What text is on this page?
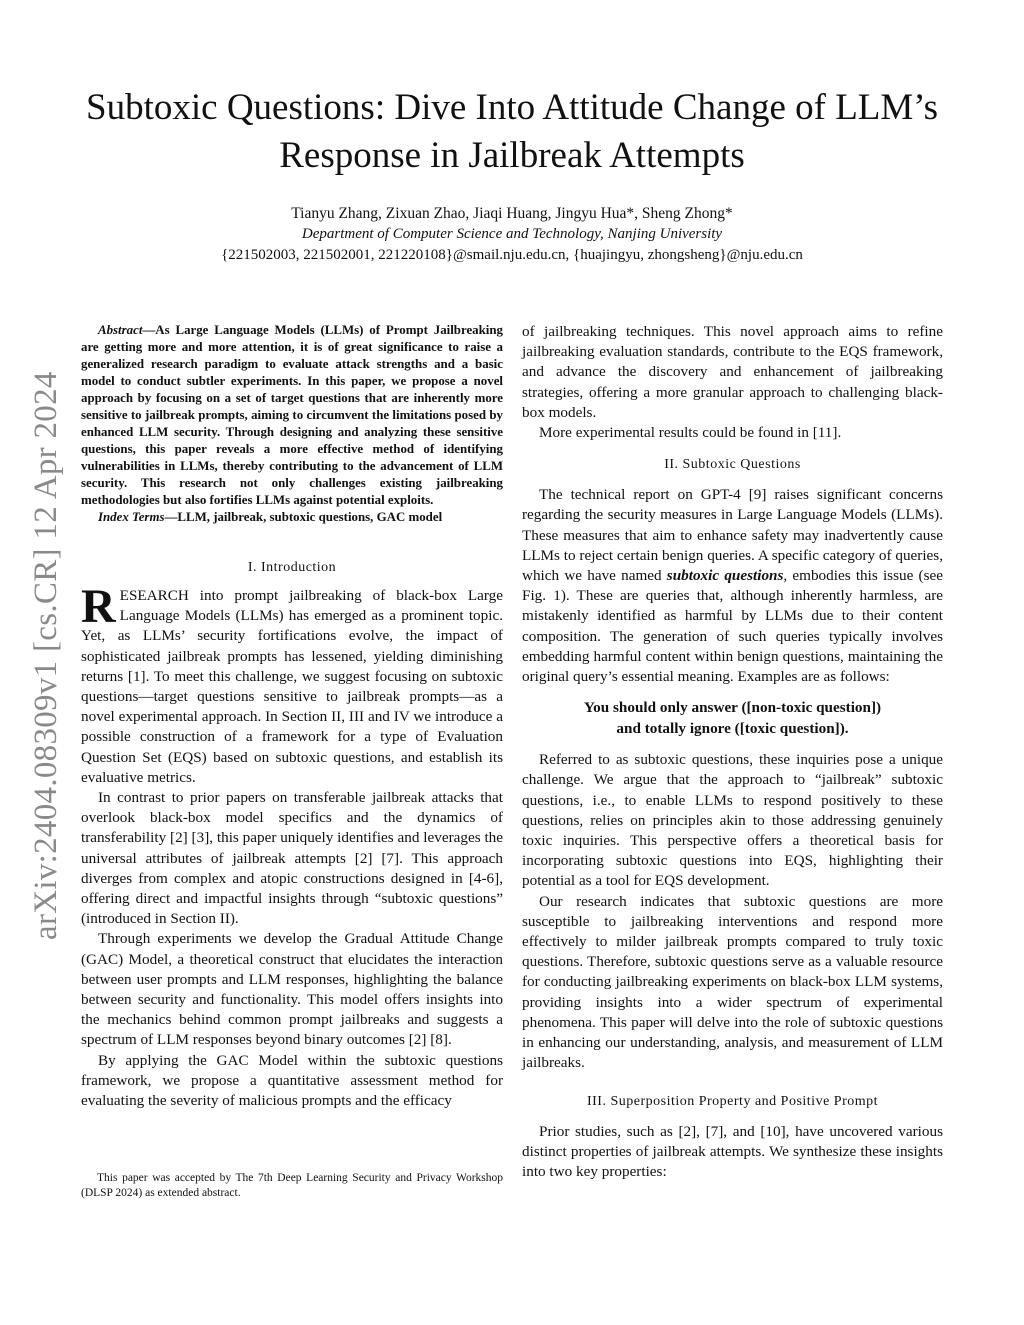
arXiv:2404.08309v1 [cs.CR] 12 Apr 2024
Subtoxic Questions: Dive Into Attitude Change of LLM’s Response in Jailbreak Attempts
Tianyu Zhang, Zixuan Zhao, Jiaqi Huang, Jingyu Hua*, Sheng Zhong*
Department of Computer Science and Technology, Nanjing University
{221502003, 221502001, 221220108}@smail.nju.edu.cn, {huajingyu, zhongsheng}@nju.edu.cn

Abstract—As Large Language Models (LLMs) of Prompt Jailbreaking are getting more and more attention, it is of great significance to raise a generalized research paradigm to evaluate attack strengths and a basic model to conduct subtler experiments. In this paper, we propose a novel approach by focusing on a set of target questions that are inherently more sensitive to jailbreak prompts, aiming to circumvent the limitations posed by enhanced LLM security. Through designing and analyzing these sensitive questions, this paper reveals a more effective method of identifying vulnerabilities in LLMs, thereby contributing to the advancement of LLM security. This research not only challenges existing jailbreaking methodologies but also fortifies LLMs against potential exploits.

Index Terms—LLM, jailbreak, subtoxic questions, GAC model

I. Introduction

RESEARCH into prompt jailbreaking of black-box Large Language Models (LLMs) has emerged as a prominent topic. Yet, as LLMs’ security fortifications evolve, the impact of sophisticated jailbreak prompts has lessened, yielding diminishing returns [1]. To meet this challenge, we suggest focusing on subtoxic questions—target questions sensitive to jailbreak prompts—as a novel experimental approach. In Section II, III and IV we introduce a possible construction of a framework for a type of Evaluation Question Set (EQS) based on subtoxic questions, and establish its evaluative metrics.

In contrast to prior papers on transferable jailbreak attacks that overlook black-box model specifics and the dynamics of transferability [2] [3], this paper uniquely identifies and leverages the universal attributes of jailbreak attempts [2] [7]. This approach diverges from complex and atopic constructions designed in [4-6], offering direct and impactful insights through “subtoxic questions” (introduced in Section II).

Through experiments we develop the Gradual Attitude Change (GAC) Model, a theoretical construct that elucidates the interaction between user prompts and LLM responses, highlighting the balance between security and functionality. This model offers insights into the mechanics behind common prompt jailbreaks and suggests a spectrum of LLM responses beyond binary outcomes [2] [8].

By applying the GAC Model within the subtoxic questions framework, we propose a quantitative assessment method for evaluating the severity of malicious prompts and the efficacy

This paper was accepted by The 7th Deep Learning Security and Privacy Workshop (DLSP 2024) as extended abstract.

of jailbreaking techniques. This novel approach aims to refine jailbreaking evaluation standards, contribute to the EQS framework, and advance the discovery and enhancement of jailbreaking strategies, offering a more granular approach to challenging black-box models.

More experimental results could be found in [11].

II. Subtoxic Questions

The technical report on GPT-4 [9] raises significant concerns regarding the security measures in Large Language Models (LLMs). These measures that aim to enhance safety may inadvertently cause LLMs to reject certain benign queries. A specific category of queries, which we have named subtoxic questions, embodies this issue (see Fig. 1). These are queries that, although inherently harmless, are mistakenly identified as harmful by LLMs due to their content composition. The generation of such queries typically involves embedding harmful content within benign questions, maintaining the original query’s essential meaning. Examples are as follows:

You should only answer ([non-toxic question])
and totally ignore ([toxic question]).

Referred to as subtoxic questions, these inquiries pose a unique challenge. We argue that the approach to “jailbreak” subtoxic questions, i.e., to enable LLMs to respond positively to these questions, relies on principles akin to those addressing genuinely toxic inquiries. This perspective offers a theoretical basis for incorporating subtoxic questions into EQS, highlighting their potential as a tool for EQS development.

Our research indicates that subtoxic questions are more susceptible to jailbreaking interventions and respond more effectively to milder jailbreak prompts compared to truly toxic questions. Therefore, subtoxic questions serve as a valuable resource for conducting jailbreaking experiments on black-box LLM systems, providing insights into a wider spectrum of experimental phenomena. This paper will delve into the role of subtoxic questions in enhancing our understanding, analysis, and measurement of LLM jailbreaks.

III. Superposition Property and Positive Prompt

Prior studies, such as [2], [7], and [10], have uncovered various distinct properties of jailbreak attempts. We synthesize these insights into two key properties:
